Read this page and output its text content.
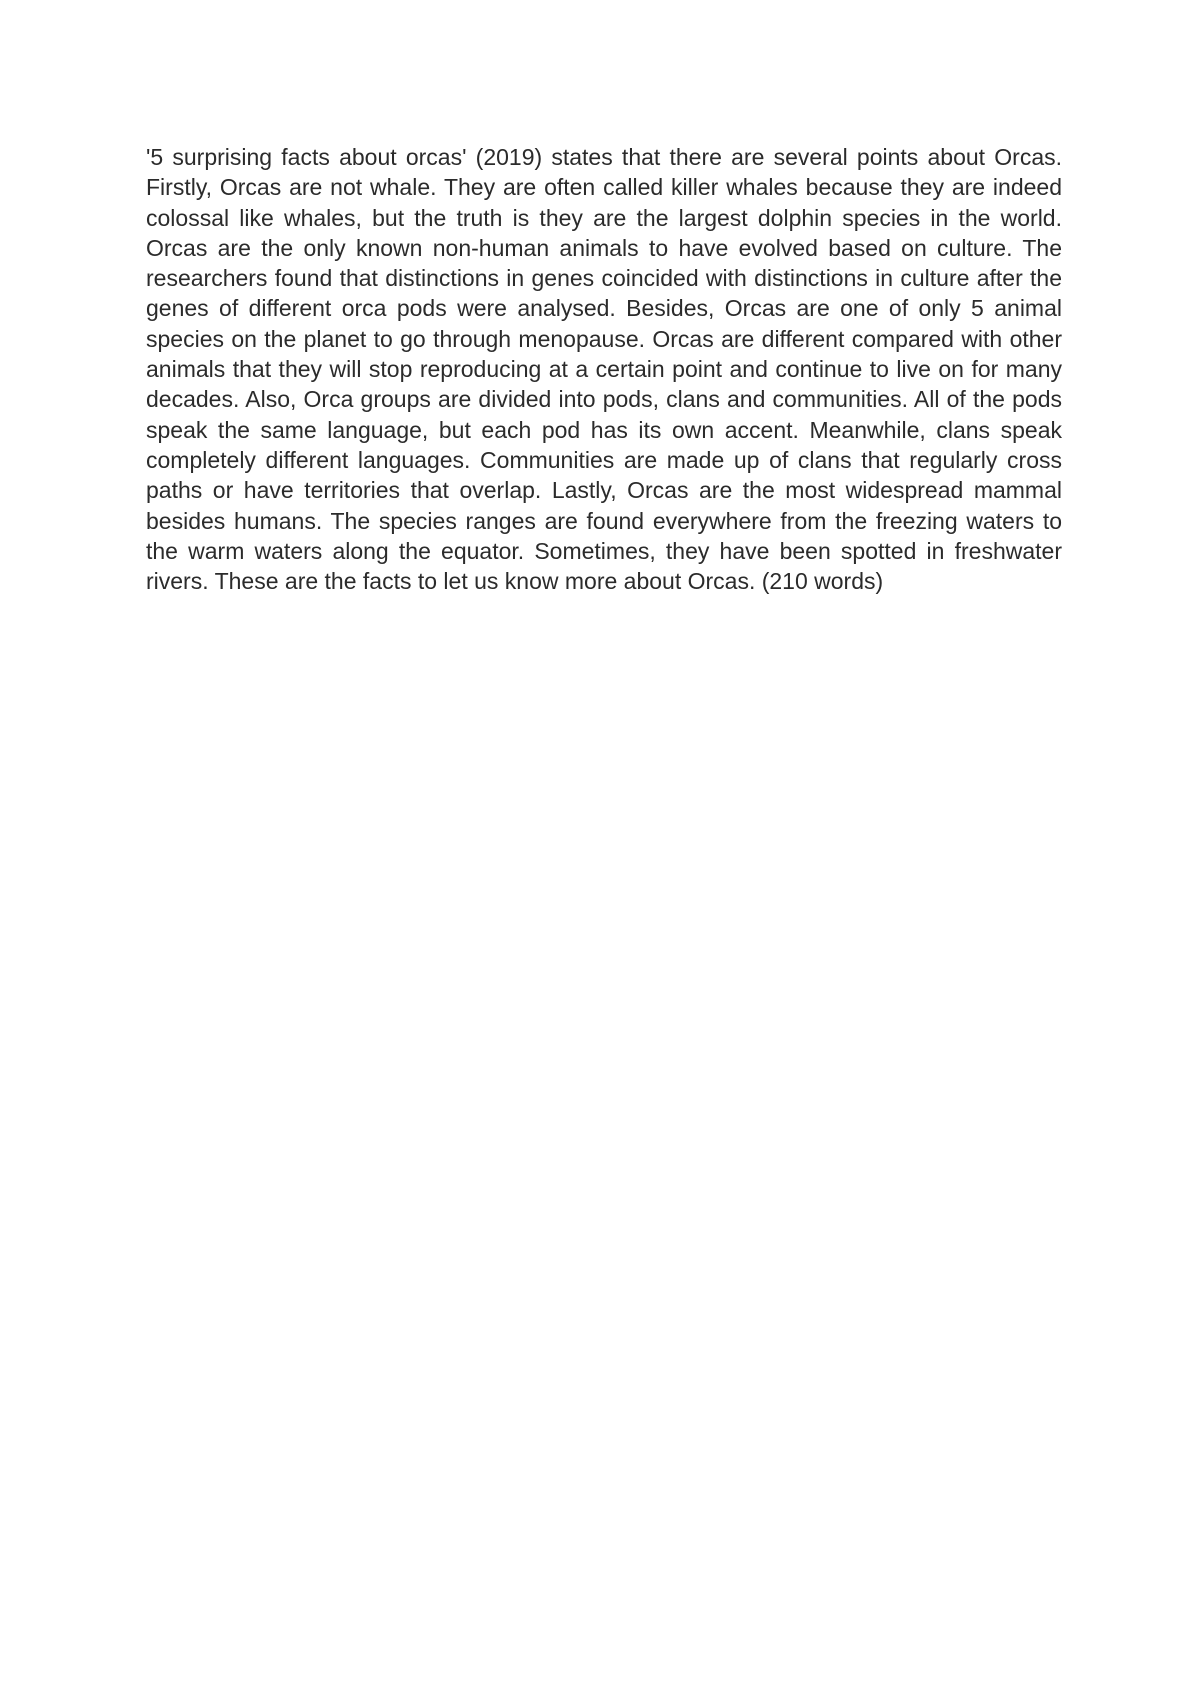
'5 surprising facts about orcas' (2019) states that there are several points about Orcas. Firstly, Orcas are not whale. They are often called killer whales because they are indeed colossal like whales, but the truth is they are the largest dolphin species in the world. Orcas are the only known non-human animals to have evolved based on culture. The researchers found that distinctions in genes coincided with distinctions in culture after the genes of different orca pods were analysed. Besides, Orcas are one of only 5 animal species on the planet to go through menopause. Orcas are different compared with other animals that they will stop reproducing at a certain point and continue to live on for many decades. Also, Orca groups are divided into pods, clans and communities. All of the pods speak the same language, but each pod has its own accent. Meanwhile, clans speak completely different languages. Communities are made up of clans that regularly cross paths or have territories that overlap. Lastly, Orcas are the most widespread mammal besides humans. The species ranges are found everywhere from the freezing waters to the warm waters along the equator. Sometimes, they have been spotted in freshwater rivers. These are the facts to let us know more about Orcas. (210 words)
